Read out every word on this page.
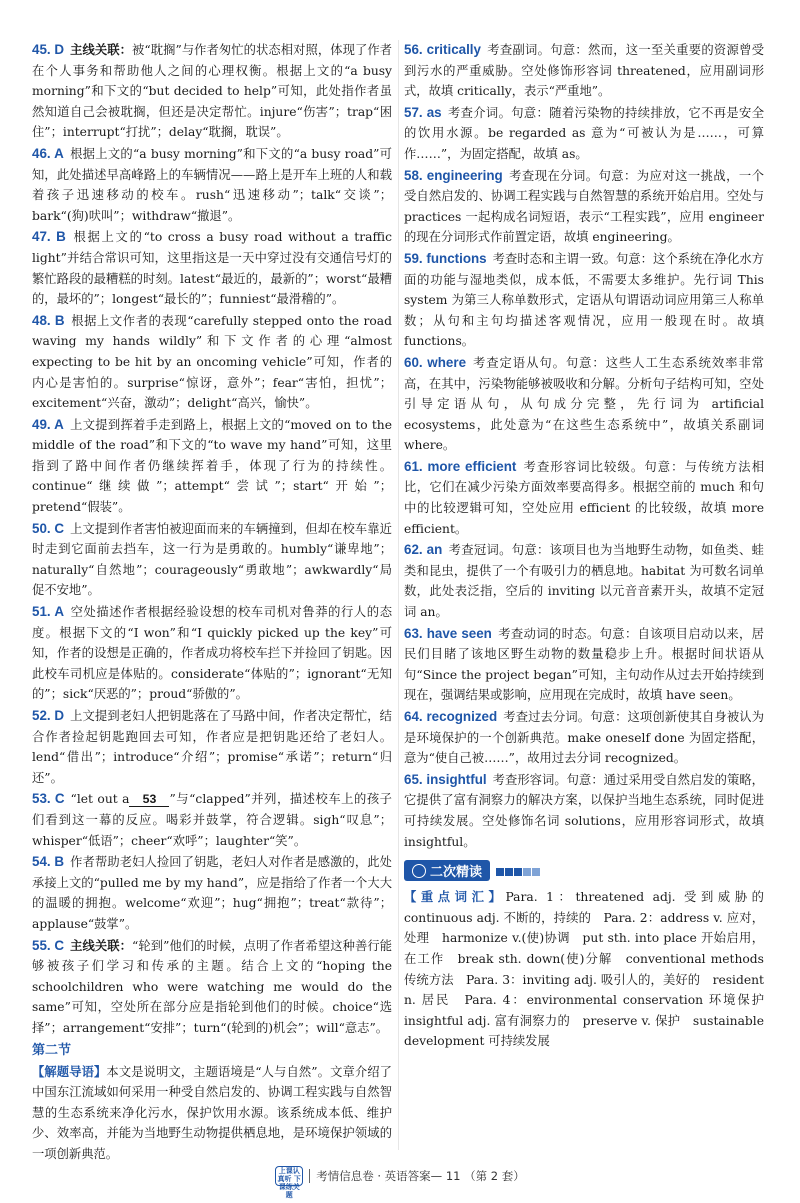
45. D 主线关联：被“耽搁”与作者匆忙的状态相对照，体现了作者在个人事务和帮助他人之间的心理权衡。根据上文的“a busy morning”和下文的“but decided to help”可知，此处指作者虽然知道自己会被耽搁，但还是决定帮忙。injure“伤害”；trap“困住”；interrupt“打扰”；delay“耽搁，耽误”。

46. A 根据上文的“a busy morning”和下文的“a busy road”可知，此处描述早高峰路上的车辆情况——路上是开车上班的人和载着孩子迅速移动的校车。rush“迅速移动”；talk“交谈”；bark“(狗)吠叫”；withdraw“撤退”。

47. B 根据上文的“to cross a busy road without a traffic light”并结合常识可知，这里指这是一天中穿过没有交通信号灯的繁忙路段的最糟糕的时刻。latest“最近的，最新的”；worst“最糟的，最坏的”；longest“最长的”；funniest“最滑稽的”。

48. B 根据上文作者的表现“carefully stepped onto the road waving my hands wildly”和下文作者的心理“almost expecting to be hit by an oncoming vehicle”可知，作者的内心是害怕的。surprise“惊讶，意外”；fear“害怕，担忧”；excitement“兴奋，激动”；delight“高兴，愉快”。

49. A 上文提到挥着手走到路上，根据上文的“moved on to the middle of the road”和下文的“to wave my hand”可知，这里指到了路中间作者仍继续挥着手，体现了行为的持续性。continue“继续做”；attempt“尝试”；start“开始”；pretend“假装”。

50. C 上文提到作者害怕被迎面而来的车辆撞到，但却在校车靠近时走到它面前去挡车，这一行为是勇敢的。humbly“谦卑地”；naturally“自然地”；courageously“勇敢地”；awkwardly“局促不安地”。

51. A 空处描述作者根据经验设想的校车司机对鲁莽的行人的态度。根据下文的“I won”和“I quickly picked up the key”可知，作者的设想是正确的，作者成功将校车拦下并捡回了钥匙。因此校车司机应是体贴的。considerate“体贴的”；ignorant“无知的”；sick“厌恶的”；proud“骄傲的”。

52. D 上文提到老妇人把钥匙落在了马路中间，作者决定帮忙，结合作者捡起钥匙跑回去可知，作者应是把钥匙还给了老妇人。lend“借出”；introduce“介绍”；promise“承诺”；return“归还”。

53. C “let out a 53 ”与“clapped”并列，描述校车上的孩子们看到这一幕的反应。喝彩并鼓掌，符合逻辑。sigh“叹息”；whisper“低语”；cheer“欢呼”；laughter“笑”。

54. B 作者帮助老妇人捡回了钥匙，老妇人对作者是感激的，此处承接上文的“pulled me by my hand”，应是指给了作者一个大大的温暖的拥抱。welcome“欢迎”；hug“拥抱”；treat“款待”；applause“鼓掌”。

55. C 主线关联：“轮到”他们的时候，点明了作者希望这种善行能够被孩子们学习和传承的主题。结合上文的“hoping the schoolchildren who were watching me would do the same”可知，空处所在部分应是指轮到他们的时候。choice“选择”；arrangement“安排”；turn“(轮到的)机会”；will“意志”。

第二节

【解题导语】本文是说明文，主题语境是“人与自然”。文章介绍了中国东江流域如何采用一种受自然启发的、协调工程实践与自然智慧的生态系统来净化污水，保护饮用水源。该系统成本低、维护少、效率高，并能为当地野生动物提供栖息地，是环境保护领域的一项创新典范。

56. critically 考查副词。句意：然而，这一至关重要的资源曾受到污水的严重威胁。空处修饰形容词 threatened，应用副词形式，故填 critically，表示“严重地”。

57. as 考查介词。句意：随着污染物的持续排放，它不再是安全的饮用水源。be regarded as 意为“可被认为是……，可算作……”，为固定搭配，故填 as。

58. engineering 考查现在分词。句意：为应对这一挑战，一个受自然启发的、协调工程实践与自然智慧的系统开始启用。空处与 practices 一起构成名词短语，表示“工程实践”，应用 engineer 的现在分词形式作前置定语，故填 engineering。

59. functions 考查时态和主谓一致。句意：这个系统在净化水方面的功能与湿地类似，成本低，不需要太多维护。先行词 This system 为第三人称单数形式，定语从句谓语动词应用第三人称单数；从句和主句均描述客观情况，应用一般现在时。故填 functions。

60. where 考查定语从句。句意：这些人工生态系统效率非常高，在其中，污染物能够被吸收和分解。分析句子结构可知，空处引导定语从句，从句成分完整，先行词为 artificial ecosystems，此处意为“在这些生态系统中”，故填关系副词 where。

61. more efficient 考查形容词比较级。句意：与传统方法相比，它们在减少污染方面效率要高得多。根据空前的 much 和句中的比较逻辑可知，空处应用 efficient 的比较级，故填 more efficient。

62. an 考查冠词。句意：该项目也为当地野生动物，如鱼类、蛙类和昆虫，提供了一个有吸引力的栖息地。habitat 为可数名词单数，此处表泛指，空后的 inviting 以元音音素开头，故填不定冠词 an。

63. have seen 考查动词的时态。句意：自该项目启动以来，居民们目睹了该地区野生动物的数量稳步上升。根据时间状语从句“Since the project began”可知，主句动作从过去开始持续到现在，强调结果或影响，应用现在完成时，故填 have seen。

64. recognized 考查过去分词。句意：这项创新使其自身被认为是环境保护的一个创新典范。make oneself done 为固定搭配，意为“使自己被……”，故用过去分词 recognized。

65. insightful 考查形容词。句意：通过采用受自然启发的策略，它提供了富有洞察力的解决方案，以保护当地生态系统，同时促进可持续发展。空处修饰名词 solutions，应用形容词形式，故填 insightful。

二次精读

【重点词汇】Para. 1：threatened adj. 受到威胁的　continuous adj. 不断的，持续的　Para. 2：address v. 应对，处理　harmonize v.(使)协调　put sth. into place 开始启用，在工作　break sth. down(使)分解　conventional methods 传统方法　Para. 3：inviting adj. 吸引人的，美好的　resident n. 居民　Para. 4：environmental conservation 环境保护　insightful adj. 富有洞察力的　preserve v. 保护　sustainable development 可持续发展

上课认真听 下课练关题
考情信息卷 · 英语答案— 11 （第 2 套）
